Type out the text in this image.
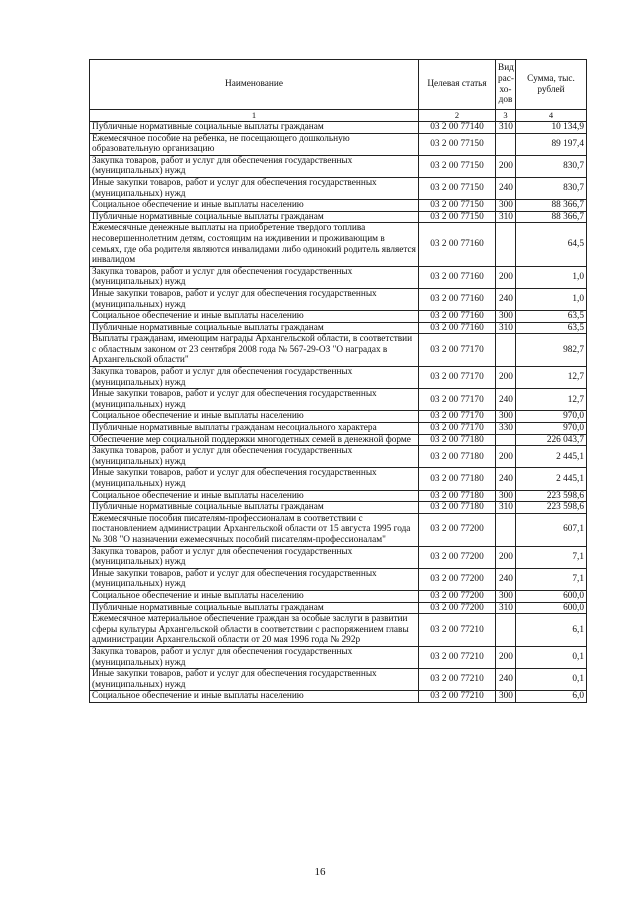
Наименование	Целевая статья	Вид рас-хо-дов	Сумма, тыс. рублей
1	2	3	4
Публичные нормативные социальные выплаты гражданам	03 2 00 77140	310	10 134,9
Ежемесячное пособие на ребенка, не посещающего дошкольную образовательную организацию	03 2 00 77150		89 197,4
Закупка товаров, работ и услуг для обеспечения государственных (муниципальных) нужд	03 2 00 77150	200	830,7
Иные закупки товаров, работ и услуг для обеспечения государственных (муниципальных) нужд	03 2 00 77150	240	830,7
Социальное обеспечение и иные выплаты населению	03 2 00 77150	300	88 366,7
Публичные нормативные социальные выплаты гражданам	03 2 00 77150	310	88 366,7
Ежемесячные денежные выплаты на приобретение твердого топлива несовершеннолетним детям, состоящим на иждивении и проживающим в семьях, где оба родителя являются инвалидами либо одинокий родитель является инвалидом	03 2 00 77160		64,5
Закупка товаров, работ и услуг для обеспечения государственных (муниципальных) нужд	03 2 00 77160	200	1,0
Иные закупки товаров, работ и услуг для обеспечения государственных (муниципальных) нужд	03 2 00 77160	240	1,0
Социальное обеспечение и иные выплаты населению	03 2 00 77160	300	63,5
Публичные нормативные социальные выплаты гражданам	03 2 00 77160	310	63,5
Выплаты гражданам, имеющим награды Архангельской области, в соответствии с областным законом от 23 сентября 2008 года № 567-29-ОЗ "О наградах в Архангельской области"	03 2 00 77170		982,7
Закупка товаров, работ и услуг для обеспечения государственных (муниципальных) нужд	03 2 00 77170	200	12,7
Иные закупки товаров, работ и услуг для обеспечения государственных (муниципальных) нужд	03 2 00 77170	240	12,7
Социальное обеспечение и иные выплаты населению	03 2 00 77170	300	970,0
Публичные нормативные выплаты гражданам несоциального характера	03 2 00 77170	330	970,0
Обеспечение мер социальной поддержки многодетных семей в денежной форме	03 2 00 77180		226 043,7
Закупка товаров, работ и услуг для обеспечения государственных (муниципальных) нужд	03 2 00 77180	200	2 445,1
Иные закупки товаров, работ и услуг для обеспечения государственных (муниципальных) нужд	03 2 00 77180	240	2 445,1
Социальное обеспечение и иные выплаты населению	03 2 00 77180	300	223 598,6
Публичные нормативные социальные выплаты гражданам	03 2 00 77180	310	223 598,6
Ежемесячные пособия писателям-профессионалам в соответствии с постановлением администрации Архангельской области от 15 августа 1995 года № 308 "О назначении ежемесячных пособий писателям-профессионалам"	03 2 00 77200		607,1
Закупка товаров, работ и услуг для обеспечения государственных (муниципальных) нужд	03 2 00 77200	200	7,1
Иные закупки товаров, работ и услуг для обеспечения государственных (муниципальных) нужд	03 2 00 77200	240	7,1
Социальное обеспечение и иные выплаты населению	03 2 00 77200	300	600,0
Публичные нормативные социальные выплаты гражданам	03 2 00 77200	310	600,0
Ежемесячное материальное обеспечение граждан за особые заслуги в развитии сферы культуры Архангельской области в соответствии с распоряжением главы администрации Архангельской области от 20 мая 1996 года № 292р	03 2 00 77210		6,1
Закупка товаров, работ и услуг для обеспечения государственных (муниципальных) нужд	03 2 00 77210	200	0,1
Иные закупки товаров, работ и услуг для обеспечения государственных (муниципальных) нужд	03 2 00 77210	240	0,1
Социальное обеспечение и иные выплаты населению	03 2 00 77210	300	6,0
16
